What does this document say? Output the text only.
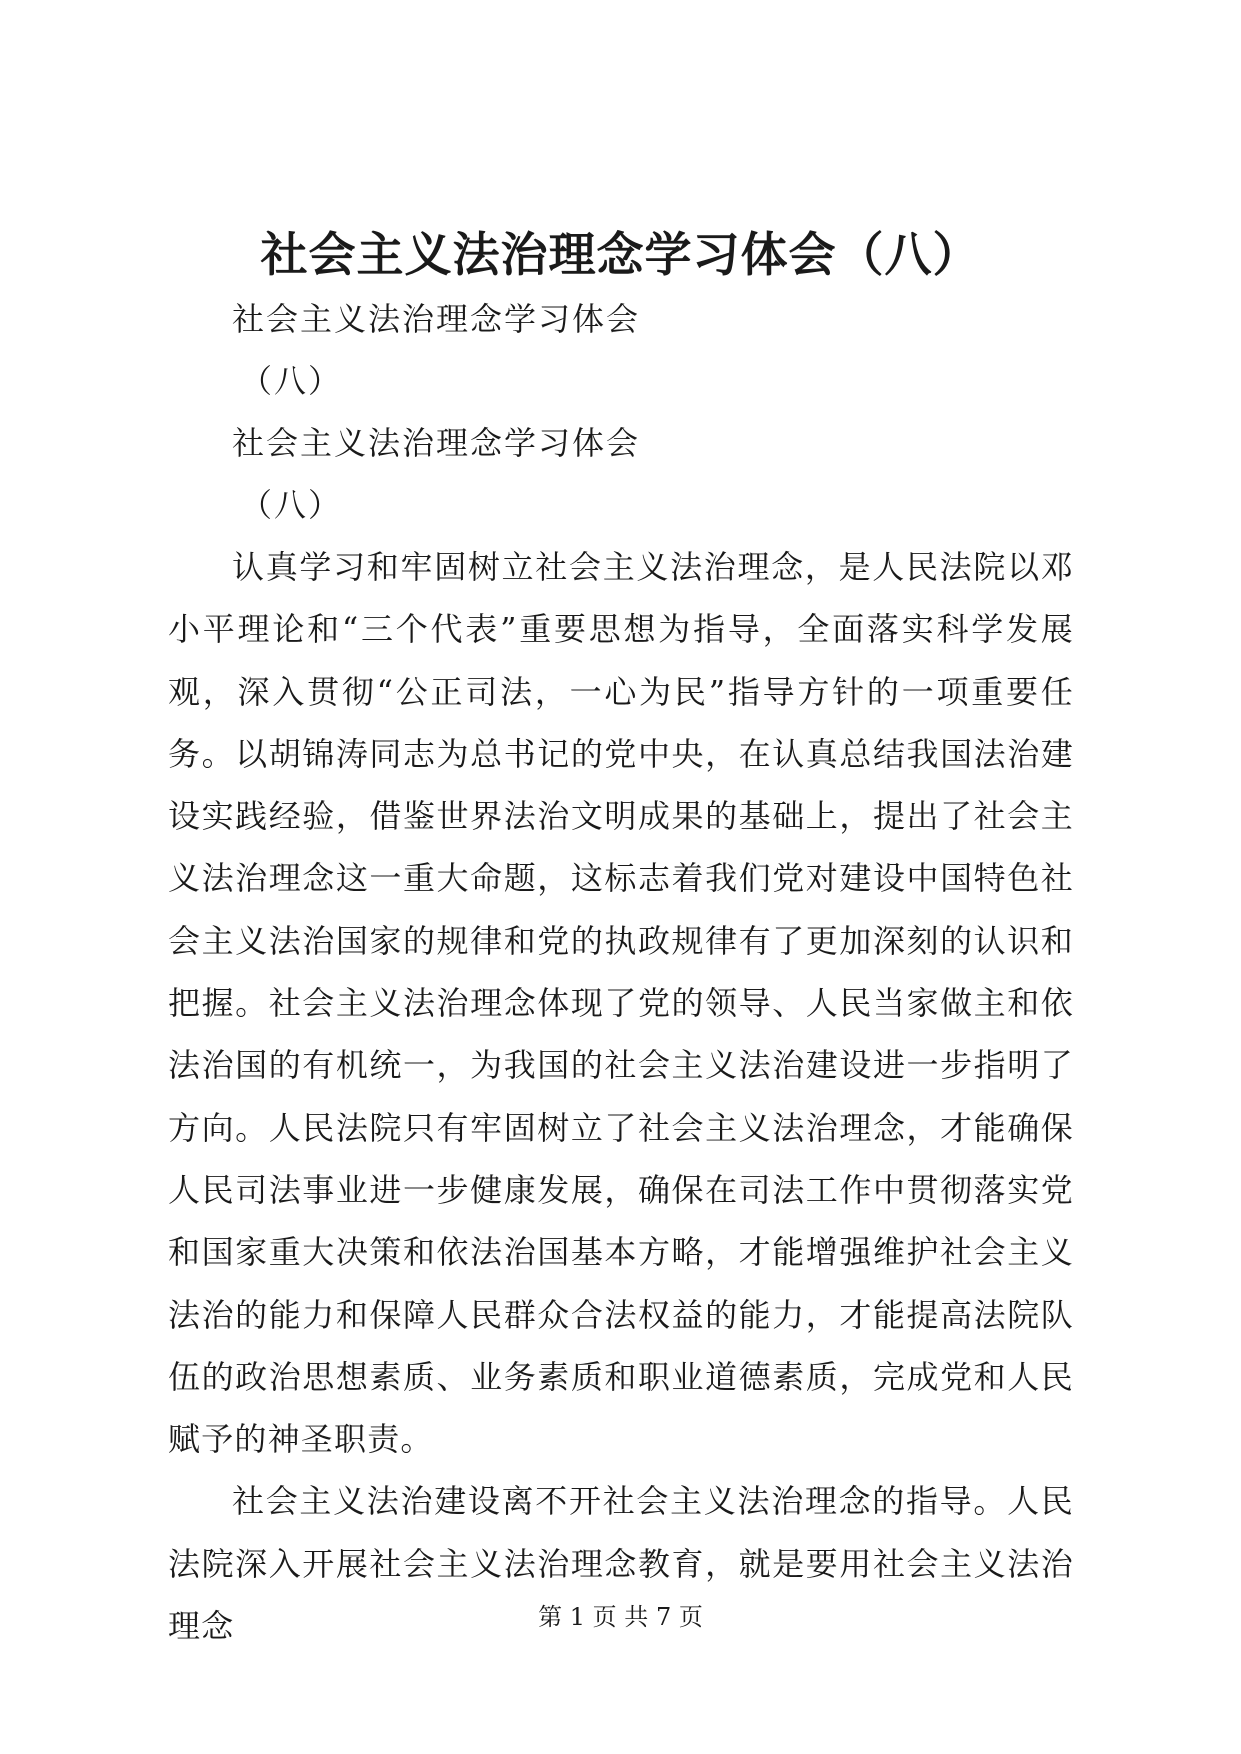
社会主义法治理念学习体会（八）
社会主义法治理念学习体会
（八）
社会主义法治理念学习体会
（八）

认真学习和牢固树立社会主义法治理念，是人民法院以邓小平理论和“三个代表”重要思想为指导，全面落实科学发展观，深入贯彻“公正司法，一心为民”指导方针的一项重要任务。以胡锦涛同志为总书记的党中央，在认真总结我国法治建设实践经验，借鉴世界法治文明成果的基础上，提出了社会主义法治理念这一重大命题，这标志着我们党对建设中国特色社会主义法治国家的规律和党的执政规律有了更加深刻的认识和把握。社会主义法治理念体现了党的领导、人民当家做主和依法治国的有机统一，为我国的社会主义法治建设进一步指明了方向。人民法院只有牢固树立了社会主义法治理念，才能确保人民司法事业进一步健康发展，确保在司法工作中贯彻落实党和国家重大决策和依法治国基本方略，才能增强维护社会主义法治的能力和保障人民群众合法权益的能力，才能提高法院队伍的政治思想素质、业务素质和职业道德素质，完成党和人民赋予的神圣职责。

社会主义法治建设离不开社会主义法治理念的指导。人民法院深入开展社会主义法治理念教育，就是要用社会主义法治理念	第 1 页 共 7 页
